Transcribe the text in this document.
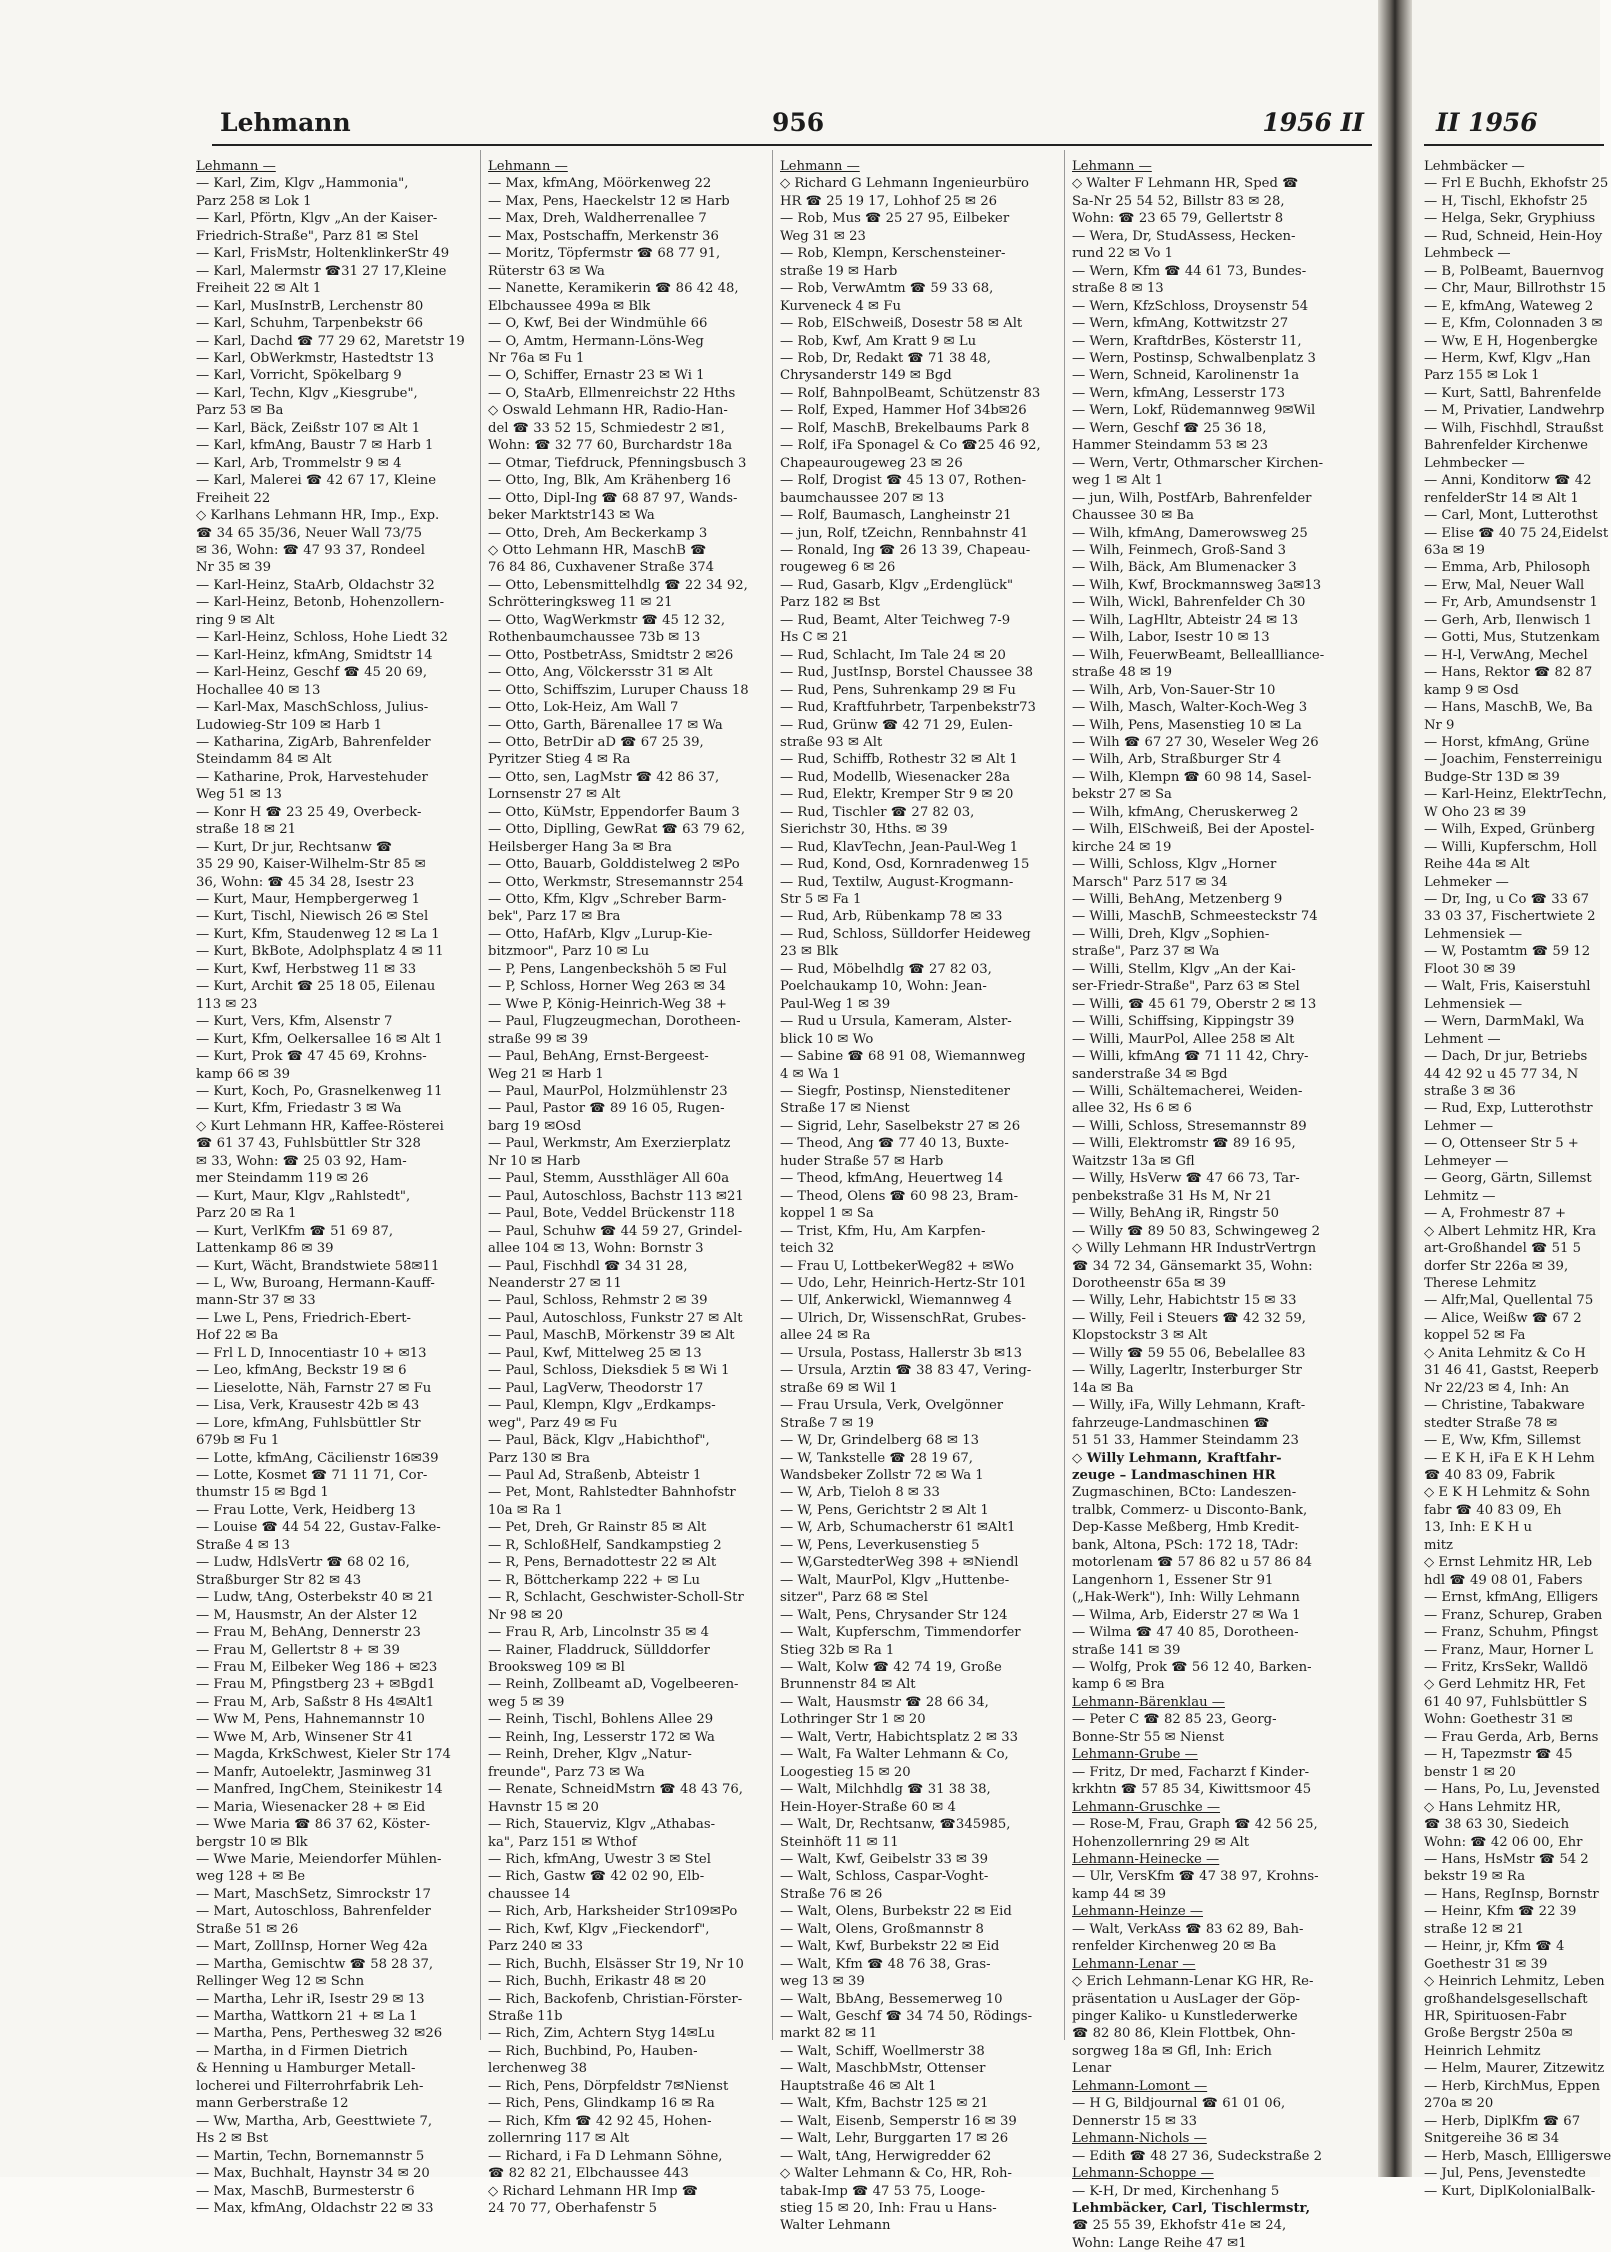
Lehmann	956	1956 II

Lehmann —

— Karl, Zim, Klgv „Hammonia",

Parz 258 ✉ Lok 1

— Karl, Pförtn, Klgv „An der Kaiser-

Friedrich-Straße", Parz 81 ✉ Stel

— Karl, FrisMstr, HoltenklinkerStr 49

— Karl, Malermstr ☎31 27 17,Kleine

Freiheit 22 ✉ Alt 1

— Karl, MusInstrB, Lerchenstr 80

— Karl, Schuhm, Tarpenbekstr 66

— Karl, Dachd ☎ 77 29 62, Maretstr 19

— Karl, ObWerkmstr, Hastedtstr 13

— Karl, Vorricht, Spökelbarg 9

— Karl, Techn, Klgv „Kiesgrube",

Parz 53 ✉ Ba

— Karl, Bäck, Zeißstr 107 ✉ Alt 1

— Karl, kfmAng, Baustr 7 ✉ Harb 1

— Karl, Arb, Trommelstr 9 ✉ 4

— Karl, Malerei ☎ 42 67 17, Kleine

Freiheit 22

◇ Karlhans Lehmann HR, Imp., Exp.

☎ 34 65 35/36, Neuer Wall 73/75

✉ 36, Wohn: ☎ 47 93 37, Rondeel

Nr 35 ✉ 39

— Karl-Heinz, StaArb, Oldachstr 32

— Karl-Heinz, Betonb, Hohenzollern-

ring 9 ✉ Alt

— Karl-Heinz, Schloss, Hohe Liedt 32

— Karl-Heinz, kfmAng, Smidtstr 14

— Karl-Heinz, Geschf ☎ 45 20 69,

Hochallee 40 ✉ 13

— Karl-Max, MaschSchloss, Julius-

Ludowieg-Str 109 ✉ Harb 1

— Katharina, ZigArb, Bahrenfelder

Steindamm 84 ✉ Alt

— Katharine, Prok, Harvestehuder

Weg 51 ✉ 13

— Konr H ☎ 23 25 49, Overbeck-

straße 18 ✉ 21

— Kurt, Dr jur, Rechtsanw ☎

35 29 90, Kaiser-Wilhelm-Str 85 ✉

36, Wohn: ☎ 45 34 28, Isestr 23

— Kurt, Maur, Hempbergerweg 1

— Kurt, Tischl, Niewisch 26 ✉ Stel

— Kurt, Kfm, Staudenweg 12 ✉ La 1

— Kurt, BkBote, Adolphsplatz 4 ✉ 11

— Kurt, Kwf, Herbstweg 11 ✉ 33

— Kurt, Archit ☎ 25 18 05, Eilenau

113 ✉ 23

— Kurt, Vers, Kfm, Alsenstr 7

— Kurt, Kfm, Oelkersallee 16 ✉ Alt 1

— Kurt, Prok ☎ 47 45 69, Krohns-

kamp 66 ✉ 39

— Kurt, Koch, Po, Grasnelkenweg 11

— Kurt, Kfm, Friedastr 3 ✉ Wa

◇ Kurt Lehmann HR, Kaffee-Rösterei

☎ 61 37 43, Fuhlsbüttler Str 328

✉ 33, Wohn: ☎ 25 03 92, Ham-

mer Steindamm 119 ✉ 26

— Kurt, Maur, Klgv „Rahlstedt",

Parz 20 ✉ Ra 1

— Kurt, VerlKfm ☎ 51 69 87,

Lattenkamp 86 ✉ 39

— Kurt, Wächt, Brandstwiete 58✉11

— L, Ww, Buroang, Hermann-Kauff-

mann-Str 37 ✉ 33

— Lwe L, Pens, Friedrich-Ebert-

Hof 22 ✉ Ba

— Frl L D, Innocentiastr 10 + ✉13

— Leo, kfmAng, Beckstr 19 ✉ 6

— Lieselotte, Näh, Farnstr 27 ✉ Fu

— Lisa, Verk, Krausestr 42b ✉ 43

— Lore, kfmAng, Fuhlsbüttler Str

679b ✉ Fu 1

— Lotte, kfmAng, Cäcilienstr 16✉39

— Lotte, Kosmet ☎ 71 11 71, Cor-

thumstr 15 ✉ Bgd 1

— Frau Lotte, Verk, Heidberg 13

— Louise ☎ 44 54 22, Gustav-Falke-

Straße 4 ✉ 13

— Ludw, HdlsVertr ☎ 68 02 16,

Straßburger Str 82 ✉ 43

— Ludw, tAng, Osterbekstr 40 ✉ 21

— M, Hausmstr, An der Alster 12

— Frau M, BehAng, Dennerstr 23

— Frau M, Gellertstr 8 + ✉ 39

— Frau M, Eilbeker Weg 186 + ✉23

— Frau M, Pfingstberg 23 + ✉Bgd1

— Frau M, Arb, Saßstr 8 Hs 4✉Alt1

— Ww M, Pens, Hahnemannstr 10

— Wwe M, Arb, Winsener Str 41

— Magda, KrkSchwest, Kieler Str 174

— Manfr, Autoelektr, Jasminweg 31

— Manfred, IngChem, Steinikestr 14

— Maria, Wiesenacker 28 + ✉ Eid

— Wwe Maria ☎ 86 37 62, Köster-

bergstr 10 ✉ Blk

— Wwe Marie, Meiendorfer Mühlen-

weg 128 + ✉ Be

— Mart, MaschSetz, Simrockstr 17

— Mart, Autoschloss, Bahrenfelder

Straße 51 ✉ 26

— Mart, ZollInsp, Horner Weg 42a

— Martha, Gemischtw ☎ 58 28 37,

Rellinger Weg 12 ✉ Schn

— Martha, Lehr iR, Isestr 29 ✉ 13

— Martha, Wattkorn 21 + ✉ La 1

— Martha, Pens, Perthesweg 32 ✉26

— Martha, in d Firmen Dietrich

& Henning u Hamburger Metall-

locherei und Filterrohrfabrik Leh-

mann Gerberstraße 12

— Ww, Martha, Arb, Geesttwiete 7,

Hs 2 ✉ Bst

— Martin, Techn, Bornemannstr 5

— Max, Buchhalt, Haynstr 34 ✉ 20

— Max, MaschB, Burmesterstr 6

— Max, kfmAng, Oldachstr 22 ✉ 33

Lehmann —

— Max, kfmAng, Möörkenweg 22

— Max, Pens, Haeckelstr 12 ✉ Harb

— Max, Dreh, Waldherrenallee 7

— Max, Postschaffn, Merkenstr 36

— Moritz, Töpfermstr ☎ 68 77 91,

Rüterstr 63 ✉ Wa

— Nanette, Keramikerin ☎ 86 42 48,

Elbchaussee 499a ✉ Blk

— O, Kwf, Bei der Windmühle 66

— O, Amtm, Hermann-Löns-Weg

Nr 76a ✉ Fu 1

— O, Schiffer, Ernastr 23 ✉ Wi 1

— O, StaArb, Ellmenreichstr 22 Hths

◇ Oswald Lehmann HR, Radio-Han-

del ☎ 33 52 15, Schmiedestr 2 ✉1,

Wohn: ☎ 32 77 60, Burchardstr 18a

— Otmar, Tiefdruck, Pfenningsbusch 3

— Otto, Ing, Blk, Am Krähenberg 16

— Otto, Dipl-Ing ☎ 68 87 97, Wands-

beker Marktstr143 ✉ Wa

— Otto, Dreh, Am Beckerkamp 3

◇ Otto Lehmann HR, MaschB ☎

76 84 86, Cuxhavener Straße 374

— Otto, Lebensmittelhdlg ☎ 22 34 92,

Schrötteringksweg 11 ✉ 21

— Otto, WagWerkmstr ☎ 45 12 32,

Rothenbaumchaussee 73b ✉ 13

— Otto, PostbetrAss, Smidtstr 2 ✉26

— Otto, Ang, Völckersstr 31 ✉ Alt

— Otto, Schiffszim, Luruper Chauss 18

— Otto, Lok-Heiz, Am Wall 7

— Otto, Garth, Bärenallee 17 ✉ Wa

— Otto, BetrDir aD ☎ 67 25 39,

Pyritzer Stieg 4 ✉ Ra

— Otto, sen, LagMstr ☎ 42 86 37,

Lornsenstr 27 ✉ Alt

— Otto, KüMstr, Eppendorfer Baum 3

— Otto, Diplling, GewRat ☎ 63 79 62,

Heilsberger Hang 3a ✉ Bra

— Otto, Bauarb, Golddistelweg 2 ✉Po

— Otto, Werkmstr, Stresemannstr 254

— Otto, Kfm, Klgv „Schreber Barm-

bek", Parz 17 ✉ Bra

— Otto, HafArb, Klgv „Lurup-Kie-

bitzmoor", Parz 10 ✉ Lu

— P, Pens, Langenbeckshöh 5 ✉ Ful

— P, Schloss, Horner Weg 263 ✉ 34

— Wwe P, König-Heinrich-Weg 38 +

— Paul, Flugzeugmechan, Dorotheen-

straße 99 ✉ 39

— Paul, BehAng, Ernst-Bergeest-

Weg 21 ✉ Harb 1

— Paul, MaurPol, Holzmühlenstr 23

— Paul, Pastor ☎ 89 16 05, Rugen-

barg 19 ✉Osd

— Paul, Werkmstr, Am Exerzierplatz

Nr 10 ✉ Harb

— Paul, Stemm, Aussthläger All 60a

— Paul, Autoschloss, Bachstr 113 ✉21

— Paul, Bote, Veddel Brückenstr 118

— Paul, Schuhw ☎ 44 59 27, Grindel-

allee 104 ✉ 13, Wohn: Bornstr 3

— Paul, Fischhdl ☎ 34 31 28,

Neanderstr 27 ✉ 11

— Paul, Schloss, Rehmstr 2 ✉ 39

— Paul, Autoschloss, Funkstr 27 ✉ Alt

— Paul, MaschB, Mörkenstr 39 ✉ Alt

— Paul, Kwf, Mittelweg 25 ✉ 13

— Paul, Schloss, Dieksdiek 5 ✉ Wi 1

— Paul, LagVerw, Theodorstr 17

— Paul, Klempn, Klgv „Erdkamps-

weg", Parz 49 ✉ Fu

— Paul, Bäck, Klgv „Habichthof",

Parz 130 ✉ Bra

— Paul Ad, Straßenb, Abteistr 1

— Pet, Mont, Rahlstedter Bahnhofstr

10a ✉ Ra 1

— Pet, Dreh, Gr Rainstr 85 ✉ Alt

— R, SchloßHelf, Sandkampstieg 2

— R, Pens, Bernadottestr 22 ✉ Alt

— R, Böttcherkamp 222 + ✉ Lu

— R, Schlacht, Geschwister-Scholl-Str

Nr 98 ✉ 20

— Frau R, Arb, Lincolnstr 35 ✉ 4

— Rainer, Fladdruck, Süllddorfer

Brooksweg 109 ✉ Bl

— Reinh, Zollbeamt aD, Vogelbeeren-

weg 5 ✉ 39

— Reinh, Tischl, Bohlens Allee 29

— Reinh, Ing, Lesserstr 172 ✉ Wa

— Reinh, Dreher, Klgv „Natur-

freunde", Parz 73 ✉ Wa

— Renate, SchneidMstrn ☎ 48 43 76,

Havnstr 15 ✉ 20

— Rich, Stauerviz, Klgv „Athabas-

ka", Parz 151 ✉ Wthof

— Rich, kfmAng, Uwestr 3 ✉ Stel

— Rich, Gastw ☎ 42 02 90, Elb-

chaussee 14

— Rich, Arb, Harksheider Str109✉Po

— Rich, Kwf, Klgv „Fieckendorf",

Parz 240 ✉ 33

— Rich, Buchh, Elsässer Str 19, Nr 10

— Rich, Buchh, Erikastr 48 ✉ 20

— Rich, Backofenb, Christian-Förster-

Straße 11b

— Rich, Zim, Achtern Styg 14✉Lu

— Rich, Buchbind, Po, Hauben-

lerchenweg 38

— Rich, Pens, Dörpfeldstr 7✉Nienst

— Rich, Pens, Glindkamp 16 ✉ Ra

— Rich, Kfm ☎ 42 92 45, Hohen-

zollernring 117 ✉ Alt

— Richard, i Fa D Lehmann Söhne,

☎ 82 82 21, Elbchaussee 443

◇ Richard Lehmann HR Imp ☎

24 70 77, Oberhafenstr 5

Lehmann —

◇ Richard G Lehmann Ingenieurbüro

HR ☎ 25 19 17, Lohhof 25 ✉ 26

— Rob, Mus ☎ 25 27 95, Eilbeker

Weg 31 ✉ 23

— Rob, Klempn, Kerschensteiner-

straße 19 ✉ Harb

— Rob, VerwAmtm ☎ 59 33 68,

Kurveneck 4 ✉ Fu

— Rob, ElSchweiß, Dosestr 58 ✉ Alt

— Rob, Kwf, Am Kratt 9 ✉ Lu

— Rob, Dr, Redakt ☎ 71 38 48,

Chrysanderstr 149 ✉ Bgd

— Rolf, BahnpolBeamt, Schützenstr 83

— Rolf, Exped, Hammer Hof 34b✉26

— Rolf, MaschB, Brekelbaums Park 8

— Rolf, iFa Sponagel & Co ☎25 46 92,

Chapeaurougeweg 23 ✉ 26

— Rolf, Drogist ☎ 45 13 07, Rothen-

baumchaussee 207 ✉ 13

— Rolf, Baumasch, Langheinstr 21

— jun, Rolf, tZeichn, Rennbahnstr 41

— Ronald, Ing ☎ 26 13 39, Chapeau-

rougeweg 6 ✉ 26

— Rud, Gasarb, Klgv „Erdenglück"

Parz 182 ✉ Bst

— Rud, Beamt, Alter Teichweg 7-9

Hs C ✉ 21

— Rud, Schlacht, Im Tale 24 ✉ 20

— Rud, JustInsp, Borstel Chaussee 38

— Rud, Pens, Suhrenkamp 29 ✉ Fu

— Rud, Kraftfuhrbetr, Tarpenbekstr73

— Rud, Grünw ☎ 42 71 29, Eulen-

straße 93 ✉ Alt

— Rud, Schiffb, Rothestr 32 ✉ Alt 1

— Rud, Modellb, Wiesenacker 28a

— Rud, Elektr, Kremper Str 9 ✉ 20

— Rud, Tischler ☎ 27 82 03,

Sierichstr 30, Hths. ✉ 39

— Rud, KlavTechn, Jean-Paul-Weg 1

— Rud, Kond, Osd, Kornradenweg 15

— Rud, Textilw, August-Krogmann-

Str 5 ✉ Fa 1

— Rud, Arb, Rübenkamp 78 ✉ 33

— Rud, Schloss, Sülldorfer Heideweg

23 ✉ Blk

— Rud, Möbelhdlg ☎ 27 82 03,

Poelchaukamp 10, Wohn: Jean-

Paul-Weg 1 ✉ 39

— Rud u Ursula, Kameram, Alster-

blick 10 ✉ Wo

— Sabine ☎ 68 91 08, Wiemannweg

4 ✉ Wa 1

— Siegfr, Postinsp, Niensteditener

Straße 17 ✉ Nienst

— Sigrid, Lehr, Saselbekstr 27 ✉ 26

— Theod, Ang ☎ 77 40 13, Buxte-

huder Straße 57 ✉ Harb

— Theod, kfmAng, Heuertweg 14

— Theod, Olens ☎ 60 98 23, Bram-

koppel 1 ✉ Sa

— Trist, Kfm, Hu, Am Karpfen-

teich 32

— Frau U, LottbekerWeg82 + ✉Wo

— Udo, Lehr, Heinrich-Hertz-Str 101

— Ulf, Ankerwickl, Wiemannweg 4

— Ulrich, Dr, WissenschRat, Grubes-

allee 24 ✉ Ra

— Ursula, Postass, Hallerstr 3b ✉13

— Ursula, Arztin ☎ 38 83 47, Vering-

straße 69 ✉ Wil 1

— Frau Ursula, Verk, Ovelgönner

Straße 7 ✉ 19

— W, Dr, Grindelberg 68 ✉ 13

— W, Tankstelle ☎ 28 19 67,

Wandsbeker Zollstr 72 ✉ Wa 1

— W, Arb, Tieloh 8 ✉ 33

— W, Pens, Gerichtstr 2 ✉ Alt 1

— W, Arb, Schumacherstr 61 ✉Alt1

— W, Pens, Leverkusenstieg 5

— W,GarstedterWeg 398 + ✉Niendl

— Walt, MaurPol, Klgv „Huttenbe-

sitzer", Parz 68 ✉ Stel

— Walt, Pens, Chrysander Str 124

— Walt, Kupferschm, Timmendorfer

Stieg 32b ✉ Ra 1

— Walt, Kolw ☎ 42 74 19, Große

Brunnenstr 84 ✉ Alt

— Walt, Hausmstr ☎ 28 66 34,

Lothringer Str 1 ✉ 20

— Walt, Vertr, Habichtsplatz 2 ✉ 33

— Walt, Fa Walter Lehmann & Co,

Loogestieg 15 ✉ 20

— Walt, Milchhdlg ☎ 31 38 38,

Hein-Hoyer-Straße 60 ✉ 4

— Walt, Dr, Rechtsanw, ☎345985,

Steinhöft 11 ✉ 11

— Walt, Kwf, Geibelstr 33 ✉ 39

— Walt, Schloss, Caspar-Voght-

Straße 76 ✉ 26

— Walt, Olens, Burbekstr 22 ✉ Eid

— Walt, Olens, Großmannstr 8

— Walt, Kwf, Burbekstr 22 ✉ Eid

— Walt, Kfm ☎ 48 76 38, Gras-

weg 13 ✉ 39

— Walt, BbAng, Bessemerweg 10

— Walt, Geschf ☎ 34 74 50, Rödings-

markt 82 ✉ 11

— Walt, Schiff, Woellmerstr 38

— Walt, MaschbMstr, Ottenser

Hauptstraße 46 ✉ Alt 1

— Walt, Kfm, Bachstr 125 ✉ 21

— Walt, Eisenb, Semperstr 16 ✉ 39

— Walt, Lehr, Burggarten 17 ✉ 26

— Walt, tAng, Herwigredder 62

◇ Walter Lehmann & Co, HR, Roh-

tabak-Imp ☎ 47 53 75, Looge-

stieg 15 ✉ 20, Inh: Frau u Hans-

Walter Lehmann

Lehmann —

◇ Walter F Lehmann HR, Sped ☎

Sa-Nr 25 54 52, Billstr 83 ✉ 28,

Wohn: ☎ 23 65 79, Gellertstr 8

— Wera, Dr, StudAssess, Hecken-

rund 22 ✉ Vo 1

— Wern, Kfm ☎ 44 61 73, Bundes-

straße 8 ✉ 13

— Wern, KfzSchloss, Droysenstr 54

— Wern, kfmAng, Kottwitzstr 27

— Wern, KraftdrBes, Kösterstr 11,

— Wern, Postinsp, Schwalbenplatz 3

— Wern, Schneid, Karolinenstr 1a

— Wern, kfmAng, Lesserstr 173

— Wern, Lokf, Rüdemannweg 9✉Wil

— Wern, Geschf ☎ 25 36 18,

Hammer Steindamm 53 ✉ 23

— Wern, Vertr, Othmarscher Kirchen-

weg 1 ✉ Alt 1

— jun, Wilh, PostfArb, Bahrenfelder

Chaussee 30 ✉ Ba

— Wilh, kfmAng, Damerowsweg 25

— Wilh, Feinmech, Groß-Sand 3

— Wilh, Bäck, Am Blumenacker 3

— Wilh, Kwf, Brockmannsweg 3a✉13

— Wilh, Wickl, Bahrenfelder Ch 30

— Wilh, LagHltr, Abteistr 24 ✉ 13

— Wilh, Labor, Isestr 10 ✉ 13

— Wilh, FeuerwBeamt, Belleallliance-

straße 48 ✉ 19

— Wilh, Arb, Von-Sauer-Str 10

— Wilh, Masch, Walter-Koch-Weg 3

— Wilh, Pens, Masenstieg 10 ✉ La

— Wilh ☎ 67 27 30, Weseler Weg 26

— Wilh, Arb, Straßburger Str 4

— Wilh, Klempn ☎ 60 98 14, Sasel-

bekstr 27 ✉ Sa

— Wilh, kfmAng, Cheruskerweg 2

— Wilh, ElSchweiß, Bei der Apostel-

kirche 24 ✉ 19

— Willi, Schloss, Klgv „Horner

Marsch" Parz 517 ✉ 34

— Willi, BehAng, Metzenberg 9

— Willi, MaschB, Schmeesteckstr 74

— Willi, Dreh, Klgv „Sophien-

straße", Parz 37 ✉ Wa

— Willi, Stellm, Klgv „An der Kai-

ser-Friedr-Straße", Parz 63 ✉ Stel

— Willi, ☎ 45 61 79, Oberstr 2 ✉ 13

— Willi, Schiffsing, Kippingstr 39

— Willi, MaurPol, Allee 258 ✉ Alt

— Willi, kfmAng ☎ 71 11 42, Chry-

sanderstraße 34 ✉ Bgd

— Willi, Schältemacherei, Weiden-

allee 32, Hs 6 ✉ 6

— Willi, Schloss, Stresemannstr 89

— Willi, Elektromstr ☎ 89 16 95,

Waitzstr 13a ✉ Gfl

— Willy, HsVerw ☎ 47 66 73, Tar-

penbekstraße 31 Hs M, Nr 21

— Willy, BehAng iR, Ringstr 50

— Willy ☎ 89 50 83, Schwingeweg 2

◇ Willy Lehmann HR IndustrVertrgn

☎ 34 72 34, Gänsemarkt 35, Wohn:

Dorotheenstr 65a ✉ 39

— Willy, Lehr, Habichtstr 15 ✉ 33

— Willy, Feil i Steuers ☎ 42 32 59,

Klopstockstr 3 ✉ Alt

— Willy ☎ 59 55 06, Bebelallee 83

— Willy, Lagerltr, Insterburger Str

14a ✉ Ba

— Willy, iFa, Willy Lehmann, Kraft-

fahrzeuge-Landmaschinen ☎

51 51 33, Hammer Steindamm 23

◇ Willy Lehmann, Kraftfahr-

zeuge – Landmaschinen HR

Zugmaschinen, BCto: Landeszen-

tralbk, Commerz- u Disconto-Bank,

Dep-Kasse Meßberg, Hmb Kredit-

bank, Altona, PSch: 172 18, TAdr:

motorlenam ☎ 57 86 82 u 57 86 84

Langenhorn 1, Essener Str 91

(„Hak-Werk"), Inh: Willy Lehmann

— Wilma, Arb, Eiderstr 27 ✉ Wa 1

— Wilma ☎ 47 40 85, Dorotheen-

straße 141 ✉ 39

— Wolfg, Prok ☎ 56 12 40, Barken-

kamp 6 ✉ Bra

Lehmann-Bärenklau —

— Peter C ☎ 82 85 23, Georg-

Bonne-Str 55 ✉ Nienst

Lehmann-Grube —

— Fritz, Dr med, Facharzt f Kinder-

krkhtn ☎ 57 85 34, Kiwittsmoor 45

Lehmann-Gruschke —

— Rose-M, Frau, Graph ☎ 42 56 25,

Hohenzollernring 29 ✉ Alt

Lehmann-Heinecke —

— Ulr, VersKfm ☎ 47 38 97, Krohns-

kamp 44 ✉ 39

Lehmann-Heinze —

— Walt, VerkAss ☎ 83 62 89, Bah-

renfelder Kirchenweg 20 ✉ Ba

Lehmann-Lenar —

◇ Erich Lehmann-Lenar KG HR, Re-

präsentation u AusLager der Göp-

pinger Kaliko- u Kunstlederwerke

☎ 82 80 86, Klein Flottbek, Ohn-

sorgweg 18a ✉ Gfl, Inh: Erich

Lenar

Lehmann-Lomont —

— H G, Bildjournal ☎ 61 01 06,

Dennerstr 15 ✉ 33

Lehmann-Nichols —

— Edith ☎ 48 27 36, Sudeckstraße 2

Lehmann-Schoppe —

— K-H, Dr med, Kirchenhang 5

Lehmbäcker, Carl, Tischlermstr,

☎ 25 55 39, Ekhofstr 41e ✉ 24,

Wohn: Lange Reihe 47 ✉1

II 1956

Lehmbäcker —

— Frl E Buchh, Ekhofstr 25

— H, Tischl, Ekhofstr 25

— Helga, Sekr, Gryphiuss

— Rud, Schneid, Hein-Hoy

Lehmbeck —

— B, PolBeamt, Bauernvog

— Chr, Maur, Billrothstr 15

— E, kfmAng, Wateweg 2

— E, Kfm, Colonnaden 3 ✉

— Ww, E H, Hogenbergke

— Herm, Kwf, Klgv „Han

Parz 155 ✉ Lok 1

— Kurt, Sattl, Bahrenfelde

— M, Privatier, Landwehrp

— Wilh, Fischhdl, Straußst

Bahrenfelder Kirchenwe

Lehmbecker —

— Anni, Konditorw ☎ 42

renfelderStr 14 ✉ Alt 1

— Carl, Mont, Lutterothst

— Elise ☎ 40 75 24,Eidelst

63a ✉ 19

— Emma, Arb, Philosoph

— Erw, Mal, Neuer Wall

— Fr, Arb, Amundsenstr 1

— Gerh, Arb, Ilenwisch 1

— Gotti, Mus, Stutzenkam

— H-l, VerwAng, Mechel

— Hans, Rektor ☎ 82 87

kamp 9 ✉ Osd

— Hans, MaschB, We, Ba

Nr 9

— Horst, kfmAng, Grüne

— Joachim, Fensterreinigu

Budge-Str 13D ✉ 39

— Karl-Heinz, ElektrTechn,

W Oho 23 ✉ 39

— Wilh, Exped, Grünberg

— Willi, Kupferschm, Holl

Reihe 44a ✉ Alt

Lehmeker —

— Dr, Ing, u Co ☎ 33 67

33 03 37, Fischertwiete 2

Lehmensiek —

— W, Postamtm ☎ 59 12

Floot 30 ✉ 39

— Walt, Fris, Kaiserstuhl

Lehmensiek —

— Wern, DarmMakl, Wa

Lehment —

— Dach, Dr jur, Betriebs

44 42 92 u 45 77 34, N

straße 3 ✉ 36

— Rud, Exp, Lutterothstr

Lehmer —

— O, Ottenseer Str 5 +

Lehmeyer —

— Georg, Gärtn, Sillemst

Lehmitz —

— A, Frohmestr 87 +

◇ Albert Lehmitz HR, Kra

art-Großhandel ☎ 51 5

dorfer Str 226a ✉ 39,

Therese Lehmitz

— Alfr,Mal, Quellental 75

— Alice, Weißw ☎ 67 2

koppel 52 ✉ Fa

◇ Anita Lehmitz & Co H

31 46 41, Gastst, Reeperb

Nr 22/23 ✉ 4, Inh: An

— Christine, Tabakware

stedter Straße 78 ✉

— E, Ww, Kfm, Sillemst

— E K H, iFa E K H Lehm

☎ 40 83 09, Fabrik

◇ E K H Lehmitz & Sohn

fabr ☎ 40 83 09, Eh

13, Inh: E K H u

mitz

◇ Ernst Lehmitz HR, Leb

hdl ☎ 49 08 01, Fabers

— Ernst, kfmAng, Elligers

— Franz, Schurep, Graben

— Franz, Schuhm, Pfingst

— Franz, Maur, Horner L

— Fritz, KrsSekr, Walldö

◇ Gerd Lehmitz HR, Fet

61 40 97, Fuhlsbüttler S

Wohn: Goethestr 31 ✉

— Frau Gerda, Arb, Berns

— H, Tapezmstr ☎ 45

benstr 1 ✉ 20

— Hans, Po, Lu, Jevensted

◇ Hans Lehmitz HR,

☎ 38 63 30, Siedeich

Wohn: ☎ 42 06 00, Ehr

— Hans, HsMstr ☎ 54 2

bekstr 19 ✉ Ra

— Hans, RegInsp, Bornstr

— Heinr, Kfm ☎ 22 39

straße 12 ✉ 21

— Heinr, jr, Kfm ☎ 4

Goethestr 31 ✉ 39

◇ Heinrich Lehmitz, Leben

großhandelsgesellschaft

HR, Spirituosen-Fabr

Große Bergstr 250a ✉

Heinrich Lehmitz

— Helm, Maurer, Zitzewitz

— Herb, KirchMus, Eppen

270a ✉ 20

— Herb, DiplKfm ☎ 67

Snitgereihe 36 ✉ 34

— Herb, Masch, Ellligerswe

— Jul, Pens, Jevenstedte

— Kurt, DiplKolonialBalk-
